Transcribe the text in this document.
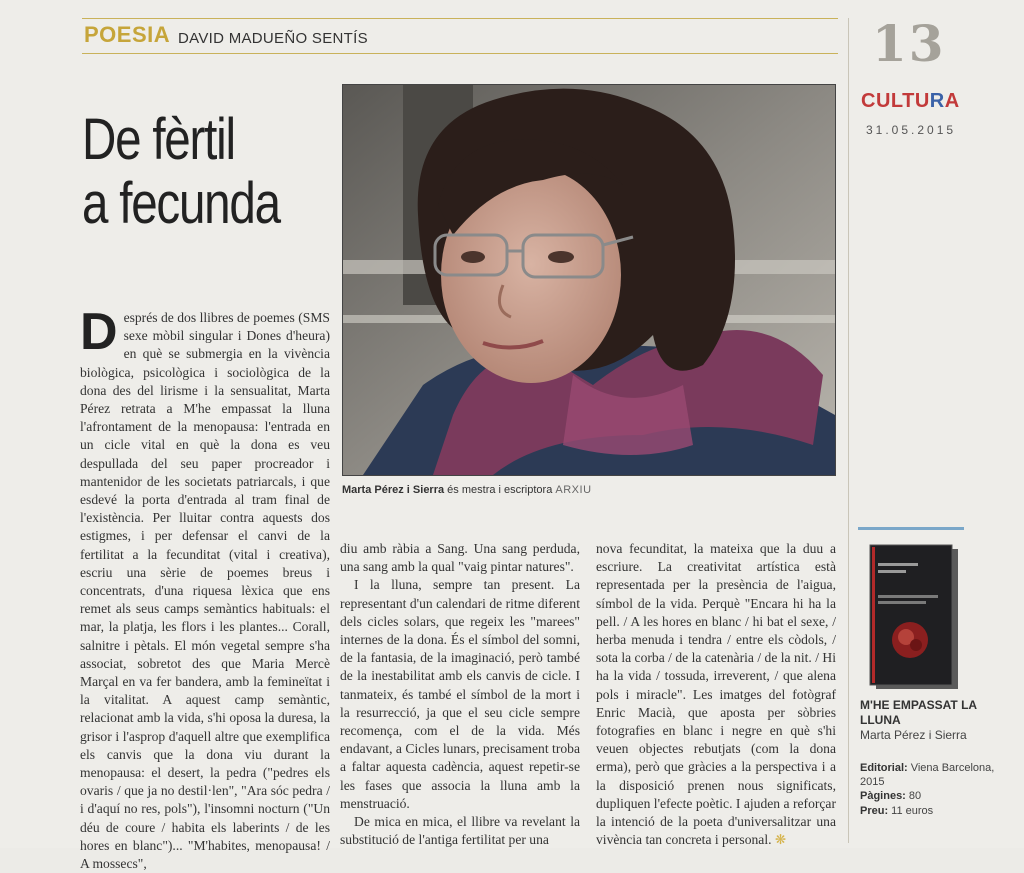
POESIA DAVID MADUEÑO SENTÍS	13
CULTURA
31.05.2015
De fèrtil
a fecunda
Marta Pérez i Sierra és mestra i escriptora ARXIU
D esprés de dos llibres de poemes (SMS sexe mòbil singular i Dones d'heura) en què se submergia en la vivència biològica, psicològica i sociològica de la dona des del lirisme i la sensualitat, Marta Pérez retrata a M'he empassat la lluna l'afrontament de la menopausa: l'entrada en un cicle vital en què la dona es veu despullada del seu paper procreador i mantenidor de les societats patriarcals, i que esdevé la porta d'entrada al tram final de l'existència. Per lluitar contra aquests dos estigmes, i per defensar el canvi de la fertilitat a la fecunditat (vital i creativa), escriu una sèrie de poemes breus i concentrats, d'una riquesa lèxica que ens remet als seus camps semàntics habituals: el mar, la platja, les flors i les plantes... Corall, salnitre i pètals. El món vegetal sempre s'ha associat, sobretot des que Maria Mercè Marçal en va fer bandera, amb la femineïtat i la vitalitat. A aquest camp semàntic, relacionat amb la vida, s'hi oposa la duresa, la grisor i l'asprор d'aquell altre que exemplifica els canvis que la dona viu durant la menopausa: el desert, la pedra ("pedres els ovaris / que ja no destil·len", "Ara sóc pedra / i d'aquí no res, pols"), l'insomni nocturn ("Un déu de coure / habita els laberints / de les hores en blanc")... "M'habites, menopausa! / A mossecs",

diu amb ràbia a Sang. Una sang perduda, una sang amb la qual "vaig pintar natures".

I la lluna, sempre tan present. La representant d'un calendari de ritme diferent dels cicles solars, que regeix les "marees" internes de la dona. És el símbol del somni, de la fantasia, de la imaginació, però també de la inestabilitat amb els canvis de cicle. I tanmateix, és també el símbol de la mort i la resurrecció, ja que el seu cicle sempre recomença, com el de la vida. Més endavant, a Cicles lunars, precisament troba a faltar aquesta cadència, aquest repetir-se les fases que associa la lluna amb la menstruació.

De mica en mica, el llibre va revelant la substitució de l'antiga fertilitat per una

nova fecunditat, la mateixa que la duu a escriure. La creativitat artística està representada per la presència de l'aigua, símbol de la vida. Perquè "Encara hi ha la pell. / A les hores en blanc / hi bat el sexe, / herba menuda i tendra / entre els còdols, / sota la corba / de la catenària / de la nit. / Hi ha la vida / tossuda, irreverent, / que alena pols i miracle". Les imatges del fotògraf Enric Macià, que aposta per sòbries fotografies en blanc i negre en què s'hi veuen objectes rebutjats (com la dona erma), però que gràcies a la perspectiva i a la disposició prenen nous significats, dupliquen l'efecte poètic. I ajuden a reforçar la intenció de la poeta d'universalitzar una vivència tan concreta i personal. ❋

M'HE EMPASSAT LA LLUNA
Marta Pérez i Sierra
Editorial: Viena Barcelona, 2015
Pàgines: 80
Preu: 11 euros
